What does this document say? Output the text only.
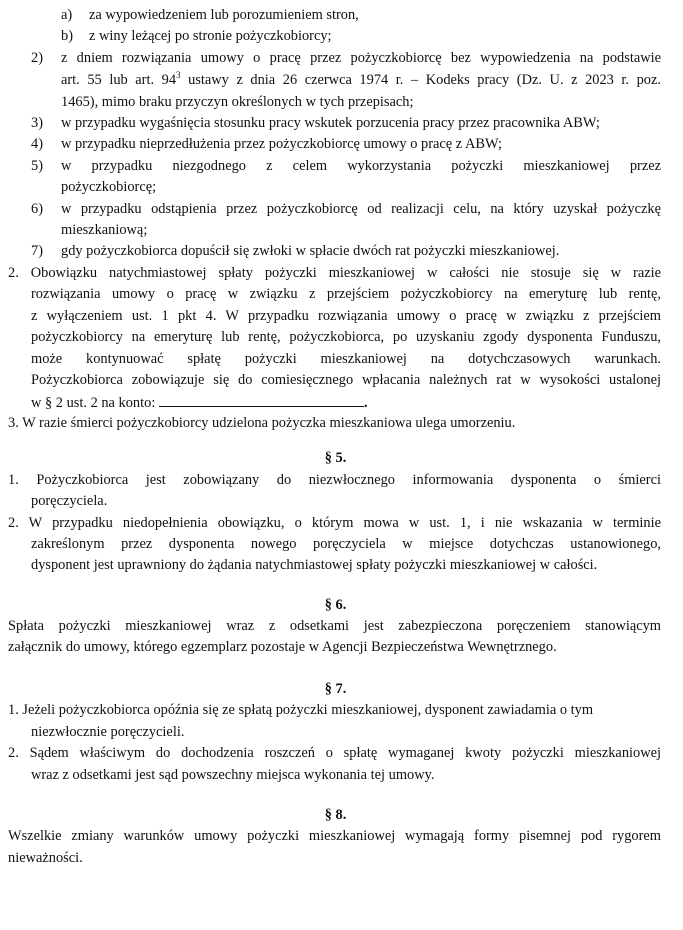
a) za wypowiedzeniem lub porozumieniem stron,
b) z winy leżącej po stronie pożyczkobiorcy;
2) z dniem rozwiązania umowy o pracę przez pożyczkobiorcę bez wypowiedzenia na podstawie
art. 55 lub art. $94^3$ ustawy z dnia 26 czerwca 1974 r. – Kodeks pracy (Dz. U. z 2023 r. poz.
1465), mimo braku przyczyn określonych w tych przepisach;
3) w przypadku wygaśnięcia stosunku pracy wskutek porzucenia pracy przez pracownika ABW;
4) w przypadku nieprzedłużenia przez pożyczkobiorcę umowy o pracę z ABW;
5) w przypadku niezgodnego z celem wykorzystania pożyczki mieszkaniowej przez
pożyczkobiorcę;
6) w przypadku odstąpienia przez pożyczkobiorcę od realizacji celu, na który uzyskał pożyczkę
mieszkaniową;
7) gdy pożyczkobiorca dopuścił się zwłoki w spłacie dwóch rat pożyczki mieszkaniowej.
2. Obowiązku natychmiastowej spłaty pożyczki mieszkaniowej w całości nie stosuje się w razie
rozwiązania umowy o pracę w związku z przejściem pożyczkobiorcy na emeryturę lub rentę,
z wyłączeniem ust. 1 pkt 4. W przypadku rozwiązania umowy o pracę w związku z przejściem
pożyczkobiorcy na emeryturę lub rentę, pożyczkobiorca, po uzyskaniu zgody dysponenta Funduszu,
może kontynuować spłatę pożyczki mieszkaniowej na dotychczasowych warunkach.
Pożyczkobiorca zobowiązuje się do comiesięcznego wpłacania należnych rat w wysokości ustalonej
w § 2 ust. 2 na konto:	.
3. W razie śmierci pożyczkobiorcy udzielona pożyczka mieszkaniowa ulega umorzeniu.
§ 5.
1. Pożyczkobiorca jest zobowiązany do niezwłocznego informowania dysponenta o śmierci
poręczyciela.
2. W przypadku niedopełnienia obowiązku, o którym mowa w ust. 1, i nie wskazania w terminie
zakreślonym przez dysponenta nowego poręczyciela w miejsce dotychczas ustanowionego,
dysponent jest uprawniony do żądania natychmiastowej spłaty pożyczki mieszkaniowej w całości.
§ 6.
Spłata pożyczki mieszkaniowej wraz z odsetkami jest zabezpieczona poręczeniem stanowiącym
załącznik do umowy, którego egzemplarz pozostaje w Agencji Bezpieczeństwa Wewnętrznego.
§ 7.
1. Jeżeli pożyczkobiorca opóźnia się ze spłatą pożyczki mieszkaniowej, dysponent zawiadamia o tym
niezwłocznie poręczycieli.
2. Sądem właściwym do dochodzenia roszczeń o spłatę wymaganej kwoty pożyczki mieszkaniowej
wraz z odsetkami jest sąd powszechny miejsca wykonania tej umowy.
§ 8.
Wszelkie zmiany warunków umowy pożyczki mieszkaniowej wymagają formy pisemnej pod rygorem
nieważności.
